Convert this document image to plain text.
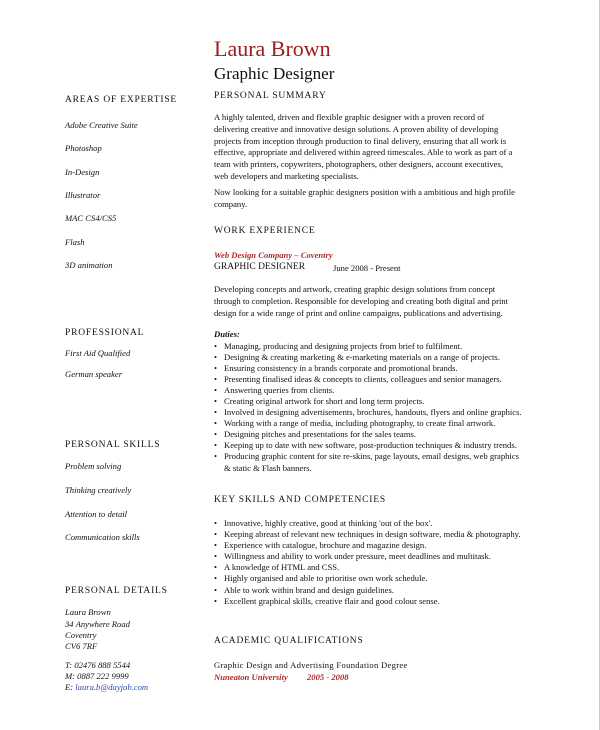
Laura Brown
Graphic Designer
AREAS OF EXPERTISE
Adobe Creative Suite
Photoshop
In-Design
Illustrator
MAC CS4/CS5
Flash
3D animation
PROFESSIONAL
First Aid Qualified
German speaker
PERSONAL SKILLS
Problem solving
Thinking creatively
Attention to detail
Communication skills
PERSONAL DETAILS
Laura Brown
34 Anywhere Road
Coventry
CV6 7RF
T: 02476 888 5544
M: 0887 222 9999
E: laura.b@dayjob.com
PERSONAL SUMMARY
A highly talented, driven and flexible graphic designer with a proven record of
delivering creative and innovative design solutions. A proven ability of developing
projects from inception through production to final delivery, ensuring that all work is
effective, appropriate and delivered within agreed timescales. Able to work as part of a
team with printers, copywriters, photographers, other designers, account executives,
web developers and marketing specialists.
Now looking for a suitable graphic designers position with a ambitious and high profile
company.
WORK EXPERIENCE
Web Design Company – Coventry
GRAPHIC DESIGNER	June 2008 - Present
Developing concepts and artwork, creating graphic design solutions from concept
through to completion. Responsible for developing and creating both digital and print
design for a wide range of print and online campaigns, publications and advertising.
Duties:
• Managing, producing and designing projects from brief to fulfilment.
• Designing & creating marketing & e-marketing materials on a range of projects.
• Ensuring consistency in a brands corporate and promotional brands.
• Presenting finalised ideas & concepts to clients, colleagues and senior managers.
• Answering queries from clients.
• Creating original artwork for short and long term projects.
• Involved in designing advertisements, brochures, handouts, flyers and online graphics.
• Working with a range of media, including photography, to create final artwork.
• Designing pitches and presentations for the sales teams.
• Keeping up to date with new software, post-production techniques & industry trends.
• Producing graphic content for site re-skins, page layouts, email designs, web graphics
& static & Flash banners.
KEY SKILLS AND COMPETENCIES
• Innovative, highly creative, good at thinking 'out of the box'.
• Keeping abreast of relevant new techniques in design software, media & photography.
• Experience with catalogue, brochure and magazine design.
• Willingness and ability to work under pressure, meet deadlines and multitask.
• A knowledge of HTML and CSS.
• Highly organised and able to prioritise own work schedule.
• Able to work within brand and design guidelines.
• Excellent graphical skills, creative flair and good colour sense.
ACADEMIC QUALIFICATIONS
Graphic Design and Advertising Foundation Degree
Nuneaton University 2005 - 2008
